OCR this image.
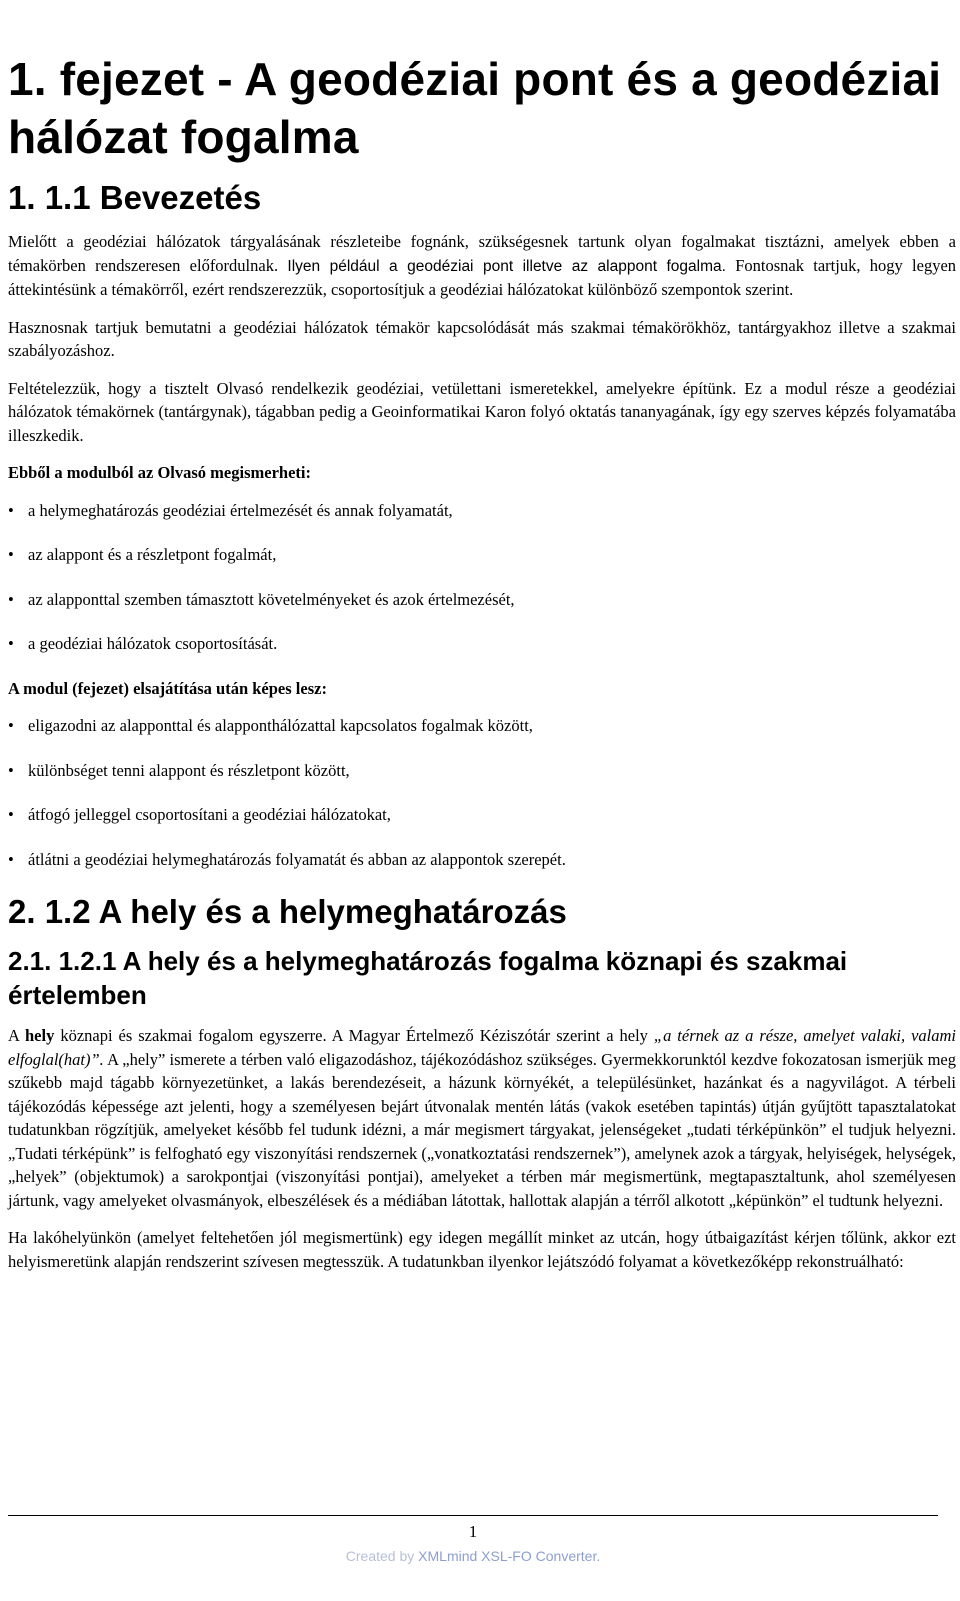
1. fejezet - A geodéziai pont és a geodéziai hálózat fogalma
1. 1.1 Bevezetés

Mielőtt a geodéziai hálózatok tárgyalásának részleteibe fognánk, szükségesnek tartunk olyan fogalmakat tisztázni, amelyek ebben a témakörben rendszeresen előfordulnak. Ilyen például a geodéziai pont illetve az alappont fogalma. Fontosnak tartjuk, hogy legyen áttekintésünk a témakörről, ezért rendszerezzük, csoportosítjuk a geodéziai hálózatokat különböző szempontok szerint.

Hasznosnak tartjuk bemutatni a geodéziai hálózatok témakör kapcsolódását más szakmai témakörökhöz, tantárgyakhoz illetve a szakmai szabályozáshoz.

Feltételezzük, hogy a tisztelt Olvasó rendelkezik geodéziai, vetülettani ismeretekkel, amelyekre építünk. Ez a modul része a geodéziai hálózatok témakörnek (tantárgynak), tágabban pedig a Geoinformatikai Karon folyó oktatás tananyagának, így egy szerves képzés folyamatába illeszkedik.

Ebből a modulból az Olvasó megismerheti:

• a helymeghatározás geodéziai értelmezését és annak folyamatát,
• az alappont és a részletpont fogalmát,
• az alapponttal szemben támasztott követelményeket és azok értelmezését,
• a geodéziai hálózatok csoportosítását.

A modul (fejezet) elsajátítása után képes lesz:

• eligazodni az alapponttal és alapponthálózattal kapcsolatos fogalmak között,
• különbséget tenni alappont és részletpont között,
• átfogó jelleggel csoportosítani a geodéziai hálózatokat,
• átlátni a geodéziai helymeghatározás folyamatát és abban az alappontok szerepét.
2. 1.2 A hely és a helymeghatározás
2.1. 1.2.1 A hely és a helymeghatározás fogalma köznapi és szakmai értelemben

A hely köznapi és szakmai fogalom egyszerre. A Magyar Értelmező Kéziszótár szerint a hely „a térnek az a része, amelyet valaki, valami elfoglal(hat)”. A „hely” ismerete a térben való eligazodáshoz, tájékozódáshoz szükséges. Gyermekkorunktól kezdve fokozatosan ismerjük meg szűkebb majd tágabb környezetünket, a lakás berendezéseit, a házunk környékét, a településünket, hazánkat és a nagyvilágot. A térbeli tájékozódás képessége azt jelenti, hogy a személyesen bejárt útvonalak mentén látás (vakok esetében tapintás) útján gyűjtött tapasztalatokat tudatunkban rögzítjük, amelyeket később fel tudunk idézni, a már megismert tárgyakat, jelenségeket „tudati térképünkön” el tudjuk helyezni. „Tudati térképünk” is felfogható egy viszonyítási rendszernek („vonatkoztatási rendszernek”), amelynek azok a tárgyak, helyiségek, helységek, „helyek” (objektumok) a sarokpontjai (viszonyítási pontjai), amelyeket a térben már megismertünk, megtapasztaltunk, ahol személyesen jártunk, vagy amelyeket olvasmányok, elbeszélések és a médiában látottak, hallottak alapján a térről alkotott „képünkön” el tudtunk helyezni.

Ha lakóhelyünkön (amelyet feltehetően jól megismertünk) egy idegen megállít minket az utcán, hogy útbaigazítást kérjen tőlünk, akkor ezt helyismeretünk alapján rendszerint szívesen megtesszük. A tudatunkban ilyenkor lejátszódó folyamat a következőképp rekonstruálható:

1
Created by XMLmind XSL-FO Converter.
